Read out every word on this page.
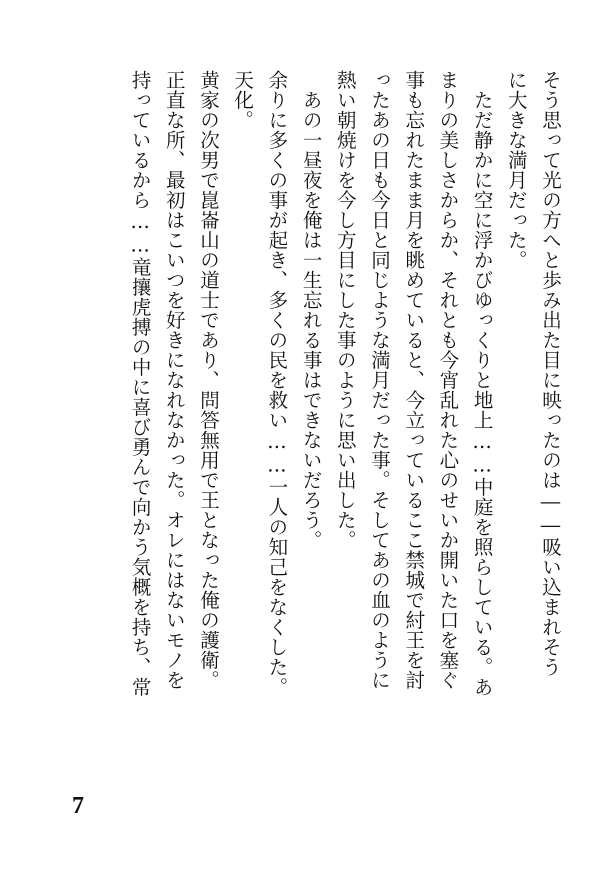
そう思って光の方へと歩み出た目に映ったのは――吸い込まれそう
に大きな満月だった。
　ただ静かに空に浮かびゆっくりと地上……中庭を照らしている。あ
まりの美しさからか、それとも今宵乱れた心のせいか開いた口を塞ぐ
事も忘れたまま月を眺めていると、今立っているここ禁城で紂王を討
ったあの日も今日と同じような満月だった事。そしてあの血のように
熱い朝焼けを今し方目にした事のように思い出した。
　あの一昼夜を俺は一生忘れる事はできないだろう。
余りに多くの事が起き、多くの民を救い……一人の知己をなくした。
天化。
黄家の次男で崑崙山の道士であり、問答無用で王となった俺の護衛。
正直な所、最初はこいつを好きになれなかった。オレにはないモノを
持っているから……竜攘虎搏の中に喜び勇んで向かう気概を持ち、常
7
